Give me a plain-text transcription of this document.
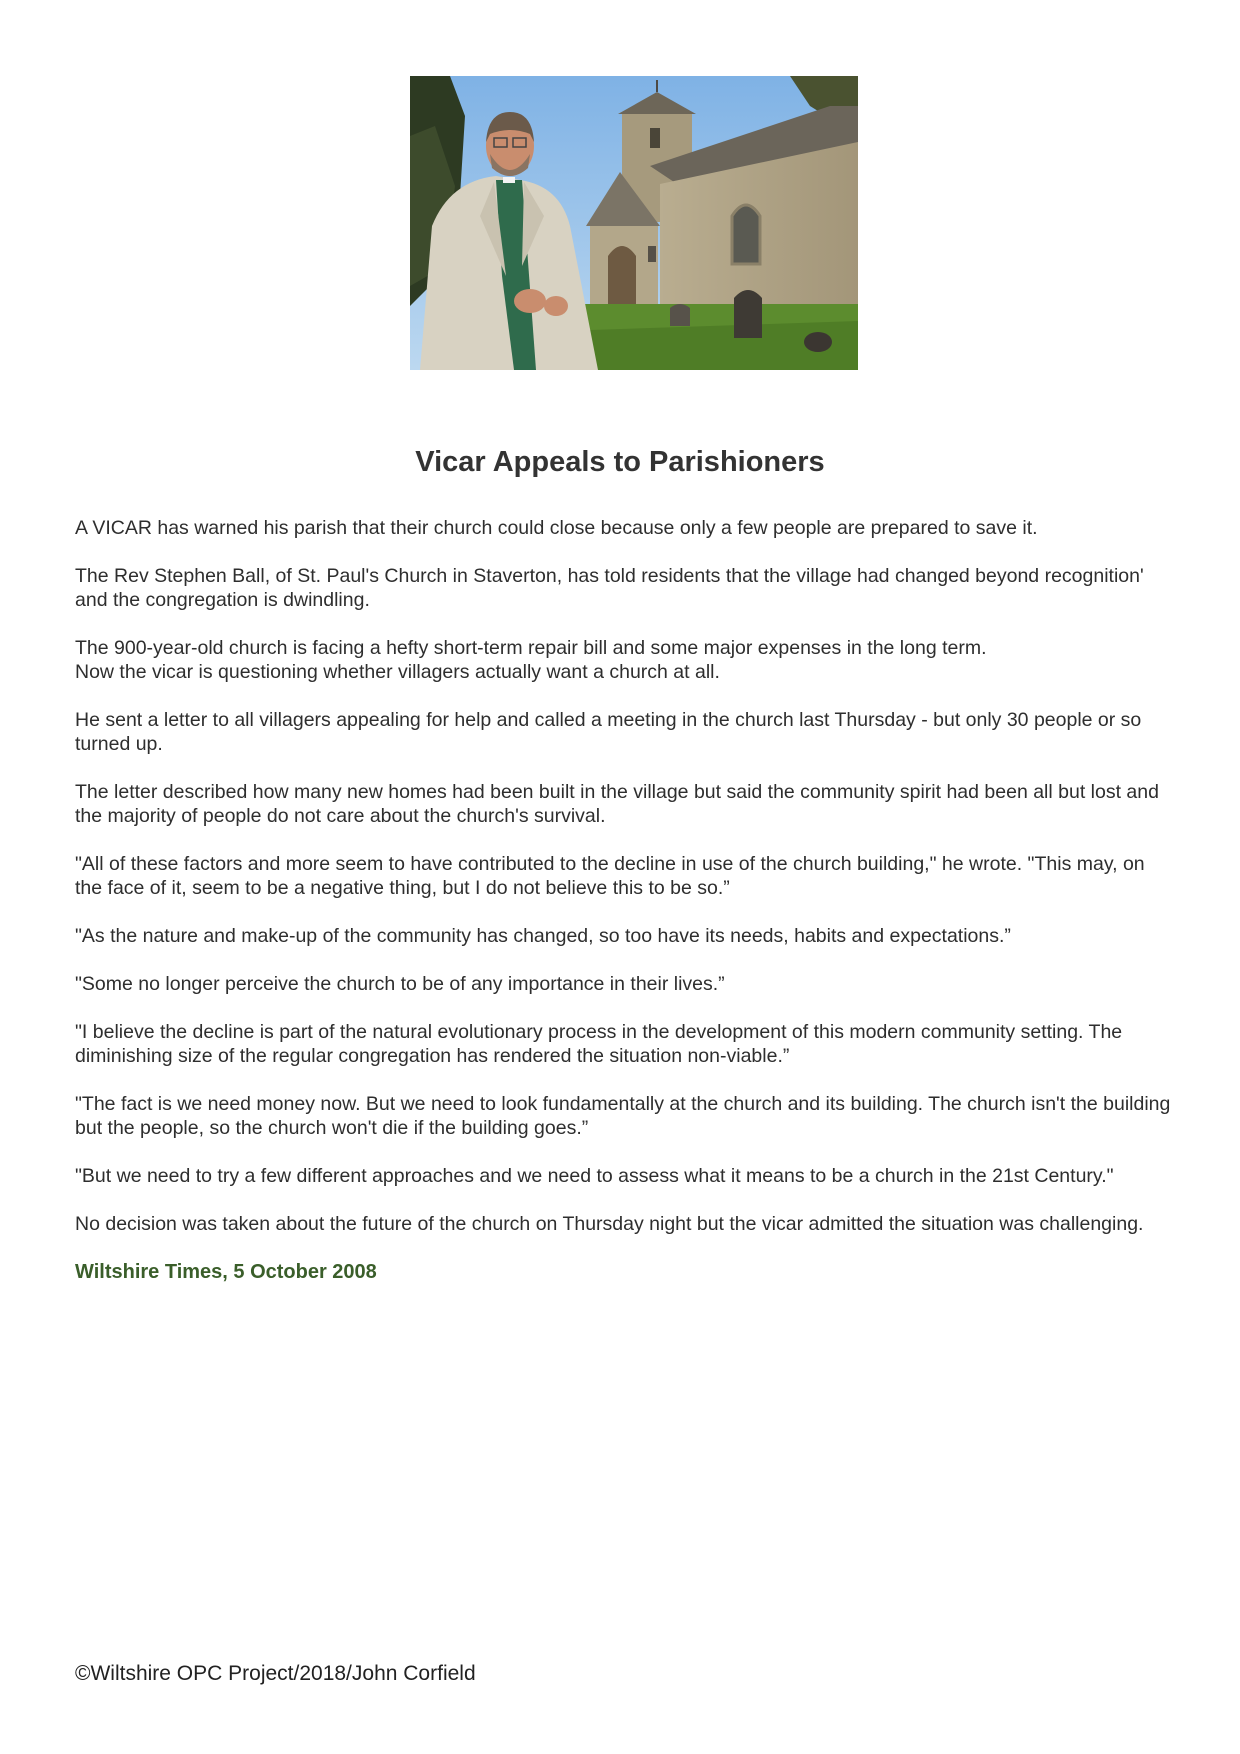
Vicar Appeals to Parishioners

A VICAR has warned his parish that their church could close because only a few people are prepared to save it.

The Rev Stephen Ball, of St. Paul's Church in Staverton, has told residents that the village had changed beyond recognition' and the congregation is dwindling.

The 900-year-old church is facing a hefty short-term repair bill and some major expenses in the long term.
Now the vicar is questioning whether villagers actually want a church at all.

He sent a letter to all villagers appealing for help and called a meeting in the church last Thursday - but only 30 people or so turned up.

The letter described how many new homes had been built in the village but said the community spirit had been all but lost and the majority of people do not care about the church's survival.

"All of these factors and more seem to have contributed to the decline in use of the church building," he wrote. "This may, on the face of it, seem to be a negative thing, but I do not believe this to be so.”

"As the nature and make-up of the community has changed, so too have its needs, habits and expectations.”

"Some no longer perceive the church to be of any importance in their lives.”

"I believe the decline is part of the natural evolutionary process in the development of this modern community setting. The diminishing size of the regular congregation has rendered the situation non-viable.”

"The fact is we need money now. But we need to look fundamentally at the church and its building. The church isn't the building but the people, so the church won't die if the building goes.”

"But we need to try a few different approaches and we need to assess what it means to be a church in the 21st Century."

No decision was taken about the future of the church on Thursday night but the vicar admitted the situation was challenging.

Wiltshire Times, 5 October 2008

©Wiltshire OPC Project/2018/John Corfield
